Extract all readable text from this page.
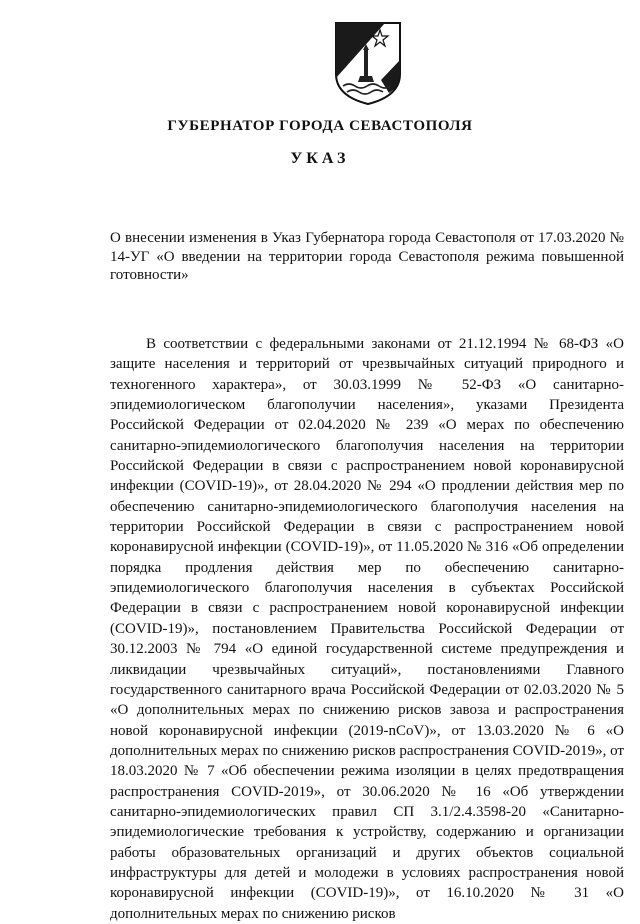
ГУБЕРНАТОР ГОРОДА СЕВАСТОПОЛЯ
УКАЗ
О внесении изменения в Указ Губернатора города Севастополя от 17.03.2020 № 14-УГ «О введении на территории города Севастополя режима повышенной готовности»
В соответствии с федеральными законами от 21.12.1994 № 68-ФЗ «О защите населения и территорий от чрезвычайных ситуаций природного и техногенного характера», от 30.03.1999 № 52-ФЗ «О санитарно-эпидемиологическом благополучии населения», указами Президента Российской Федерации от 02.04.2020 № 239 «О мерах по обеспечению санитарно-эпидемиологического благополучия населения на территории Российской Федерации в связи с распространением новой коронавирусной инфекции (COVID-19)», от 28.04.2020 № 294 «О продлении действия мер по обеспечению санитарно-эпидемиологического благополучия населения на территории Российской Федерации в связи с распространением новой коронавирусной инфекции (COVID-19)», от 11.05.2020 № 316 «Об определении порядка продления действия мер по обеспечению санитарно-эпидемиологического благополучия населения в субъектах Российской Федерации в связи с распространением новой коронавирусной инфекции (COVID-19)», постановлением Правительства Российской Федерации от 30.12.2003 № 794 «О единой государственной системе предупреждения и ликвидации чрезвычайных ситуаций», постановлениями Главного государственного санитарного врача Российской Федерации от 02.03.2020 № 5 «О дополнительных мерах по снижению рисков завоза и распространения новой коронавирусной инфекции (2019-nCoV)», от 13.03.2020 № 6 «О дополнительных мерах по снижению рисков распространения COVID-2019», от 18.03.2020 № 7 «Об обеспечении режима изоляции в целях предотвращения распространения COVID-2019», от 30.06.2020 № 16 «Об утверждении санитарно-эпидемиологических правил СП 3.1/2.4.3598-20 «Санитарно-эпидемиологические требования к устройству, содержанию и организации работы образовательных организаций и других объектов социальной инфраструктуры для детей и молодежи в условиях распространения новой коронавирусной инфекции (COVID-19)», от 16.10.2020 № 31 «О дополнительных мерах по снижению рисков
